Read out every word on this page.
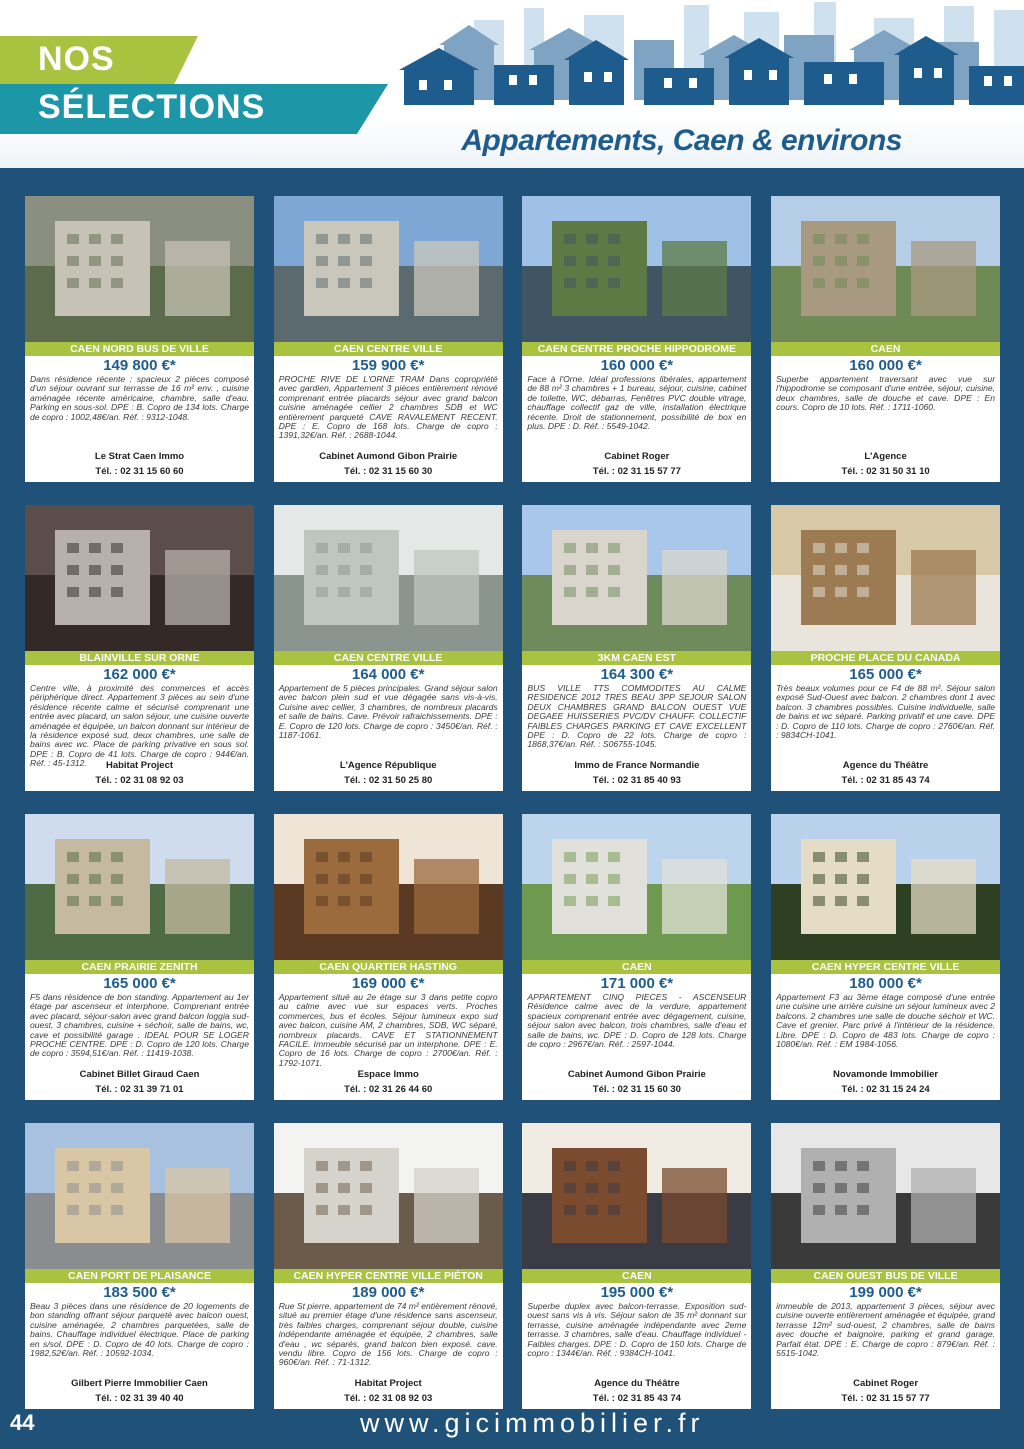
NOS
SÉLECTIONS
Appartements, Caen & environs
CAEN NORD BUS DE VILLE
149 800 €*
Dans résidence récente : spacieux 2 pièces composé d'un séjour ouvrant sur terrasse de 16 m² env. , cuisine aménagée récente américaine, chambre, salle d'eau. Parking en sous-sol. DPE : B. Copro de 134 lots. Charge de copro : 1002,48€/an. Réf. : 9312-1048.
Le Strat Caen Immo
Tél. : 02 31 15 60 60
CAEN CENTRE VILLE
159 900 €*
PROCHE RIVE DE L'ORNE TRAM Dans copropriété avec gardien, Appartement 3 pièces entièrement rénové comprenant entrée placards séjour avec grand balcon cuisine aménagée cellier 2 chambres SDB et WC entièrement parqueté CAVE RAVALEMENT RECENT. DPE : E. Copro de 168 lots. Charge de copro : 1391,32€/an. Réf. : 2688-1044.
Cabinet Aumond Gibon Prairie
Tél. : 02 31 15 60 30
CAEN CENTRE PROCHE HIPPODROME
160 000 €*
Face à l'Orne. Idéal professions libérales, appartement de 88 m² 3 chambres + 1 bureau, séjour, cuisine, cabinet de toilette, WC, débarras, Fenêtres PVC double vitrage, chauffage collectif gaz de ville, installation électrique récente. Droit de stationnement, possibilité de box en plus. DPE : D. Réf. : 5549-1042.
Cabinet Roger
Tél. : 02 31 15 57 77
CAEN
160 000 €*
Superbe appartement traversant avec vue sur l'hippodrome se composant d'une entrée, séjour, cuisine, deux chambres, salle de douche et cave. DPE : En cours. Copro de 10 lots. Réf. : 1711-1060.
L'Agence
Tél. : 02 31 50 31 10
BLAINVILLE SUR ORNE
162 000 €*
Centre ville, à proximité des commerces et accès périphérique direct. Appartement 3 pièces au sein d'une résidence récente calme et sécurisé comprenant une entrée avec placard, un salon séjour, une cuisine ouverte aménagée et équipée, un balcon donnant sur intérieur de la résidence exposé sud, deux chambres, une salle de bains avec wc. Place de parking privative en sous sol. DPE : B. Copro de 41 lots. Charge de copro : 944€/an. Réf. : 45-1312.	Habitat Project
Tél. : 02 31 08 92 03
CAEN CENTRE VILLE
164 000 €*
Appartement de 5 pièces principales. Grand séjour salon avec balcon plein sud et vue dégagée sans vis-à-vis. Cuisine avec cellier, 3 chambres, de nombreux placards et salle de bains. Cave. Prévoir rafraichissements. DPE : E. Copro de 120 lots. Charge de copro : 3450€/an. Réf. : 1187-1061.
L'Agence République
Tél. : 02 31 50 25 80
3KM CAEN EST
164 300 €*
BUS VILLE TTS COMMODITES AU CALME RESIDENCE 2012 TRES BEAU 3PP SEJOUR SALON DEUX CHAMBRES GRAND BALCON OUEST VUE DEGAEE HUISSERIES PVC/DV CHAUFF. COLLECTIF FAIBLES CHARGES PARKING ET CAVE EXCELLENT DPE : D. Copro de 22 lots. Charge de copro : 1868,37€/an. Réf. : S06755-1045.
Immo de France Normandie
Tél. : 02 31 85 40 93
PROCHE PLACE DU CANADA
165 000 €*
Très beaux volumes pour ce F4 de 88 m². Séjour salon exposé Sud-Ouest avec balcon. 2 chambres dont 1 avec balcon. 3 chambres possibles. Cuisine individuelle, salle de bains et wc séparé. Parking privatif et une cave. DPE : D. Copro de 110 lots. Charge de copro : 2760€/an. Réf. : 9834CH-1041.
Agence du Théâtre
Tél. : 02 31 85 43 74
CAEN PRAIRIE ZENITH
165 000 €*
F5 dans résidence de bon standing. Appartement au 1er étage par ascenseur et interphone. Comprenant entrée avec placard, séjour-salon avec grand balcon loggia sud-ouest, 3 chambres, cuisine + séchoir, salle de bains, wc, cave et possibilité garage . IDEAL POUR SE LOGER PROCHE CENTRE. DPE : D. Copro de 120 lots. Charge de copro : 3594,51€/an. Réf. : 11419-1038.
Cabinet Billet Giraud Caen
Tél. : 02 31 39 71 01
CAEN QUARTIER HASTING
169 000 €*
Appartement situé au 2e étage sur 3 dans petite copro au calme avec vue sur espaces verts. Proches commerces, bus et écoles. Séjour lumineux expo sud avec balcon, cuisine AM, 2 chambres, SDB, WC séparé, nombreux placards. CAVE ET STATIONNEMENT FACILE. Immeuble sécurisé par un interphone. DPE : E. Copro de 16 lots. Charge de copro : 2700€/an. Réf. : 1792-1071.
Espace Immo
Tél. : 02 31 26 44 60
CAEN
171 000 €*
APPARTEMENT CINQ PIECES - ASCENSEUR Résidence calme avec de la verdure, appartement spacieux comprenant entrée avec dégagement, cuisine, séjour salon avec balcon, trois chambres, salle d'eau et salle de bains, wc. DPE : D. Copro de 128 lots. Charge de copro : 2967€/an. Réf. : 2597-1044.
Cabinet Aumond Gibon Prairie
Tél. : 02 31 15 60 30
CAEN HYPER CENTRE VILLE
180 000 €*
Appartement F3 au 3ème étage composé d'une entrée une cuisine une arrière cuisine un séjour lumineux avec 2 balcons. 2 chambres une salle de douche séchoir et WC. Cave et grenier. Parc privé à l'intérieur de la résidence. Libre. DPE : D. Copro de 483 lots. Charge de copro : 1080€/an. Réf. : EM 1984-1056.
Novamonde Immobilier
Tél. : 02 31 15 24 24
CAEN PORT DE PLAISANCE
183 500 €*
Beau 3 pièces dans une résidence de 20 logements de bon standing offrant séjour parqueté avec balcon ouest, cuisine aménagée, 2 chambres parquetées, salle de bains. Chauffage individuel électrique. Place de parking en s/sol. DPE : D. Copro de 40 lots. Charge de copro : 1982,52€/an. Réf. : 10592-1034.
Gilbert Pierre Immobilier Caen
Tél. : 02 31 39 40 40
CAEN HYPER CENTRE VILLE PIÉTON
189 000 €*
Rue St pierre, appartement de 74 m² entièrement rénové, situé au premier étage d'une résidence sans ascenseur, très faibles charges, comprenant séjour double, cuisine indépendante aménagée et équipée, 2 chambres, salle d'eau , wc séparés, grand balcon bien exposé. cave. vendu libre. Copro de 156 lots. Charge de copro : 960€/an. Réf. : 71-1312.
Habitat Project
Tél. : 02 31 08 92 03
CAEN
195 000 €*
Superbe duplex avec balcon-terrasse. Exposition sud-ouest sans vis à vis. Séjour salon de 35 m² donnant sur terrasse, cuisine aménagée indépendante avec 2eme terrasse. 3 chambres, salle d'eau. Chauffage individuel - Faibles charges. DPE : D. Copro de 150 lots. Charge de copro : 1344€/an. Réf. : 9384CH-1041.
Agence du Théâtre
Tél. : 02 31 85 43 74
CAEN OUEST BUS DE VILLE
199 000 €*
immeuble de 2013, appartement 3 pièces, séjour avec cuisine ouverte entièrement aménagée et équipée, grand terrasse 12m² sud-ouest, 2 chambres, salle de bains avec douche et baignoire, parking et grand garage. Parfait état. DPE : E. Charge de copro : 879€/an. Réf. : 5515-1042.
Cabinet Roger
Tél. : 02 31 15 57 77
44	www.gicimmobilier.fr
